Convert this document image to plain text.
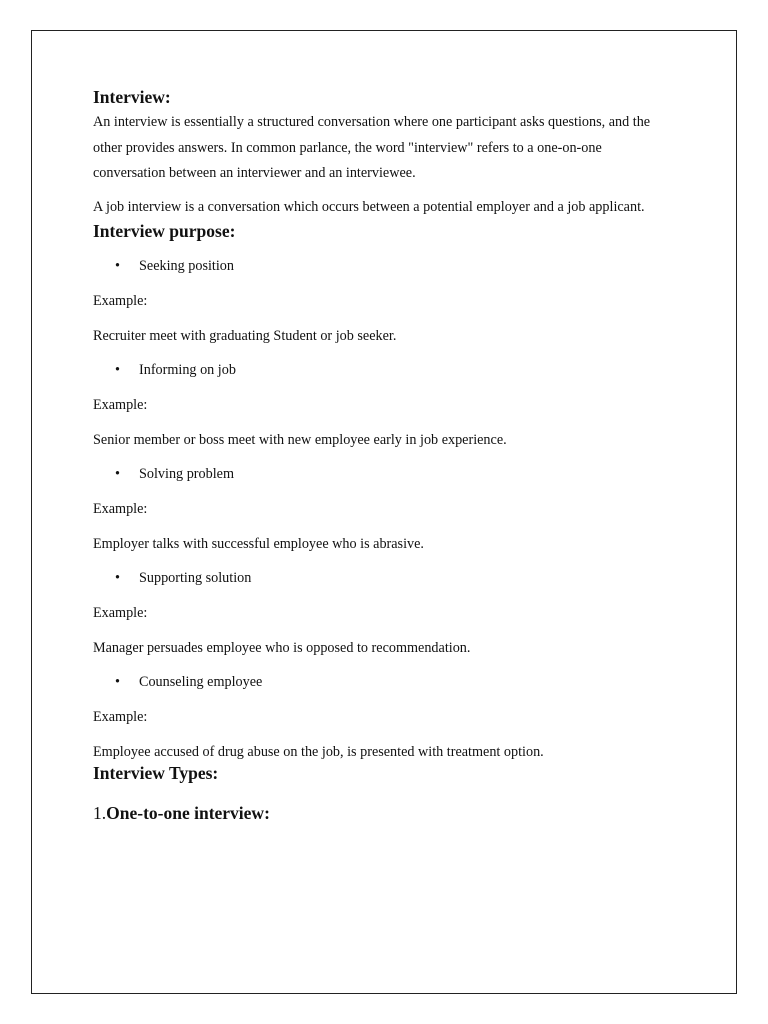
Interview:

An interview is essentially a structured conversation where one participant asks questions, and the other provides answers. In common parlance, the word "interview" refers to a one-on-one conversation between an interviewer and an interviewee.

A job interview is a conversation which occurs between a potential employer and a job applicant.

Interview purpose:
• Seeking position

Example:

Recruiter meet with graduating Student or job seeker.

• Informing on job

Example:

Senior member or boss meet with new employee early in job experience.

• Solving problem

Example:

Employer talks with successful employee who is abrasive.

• Supporting solution

Example:

Manager persuades employee who is opposed to recommendation.

• Counseling employee

Example:

Employee accused of drug abuse on the job, is presented with treatment option.

Interview Types:
1.One-to-one interview:
